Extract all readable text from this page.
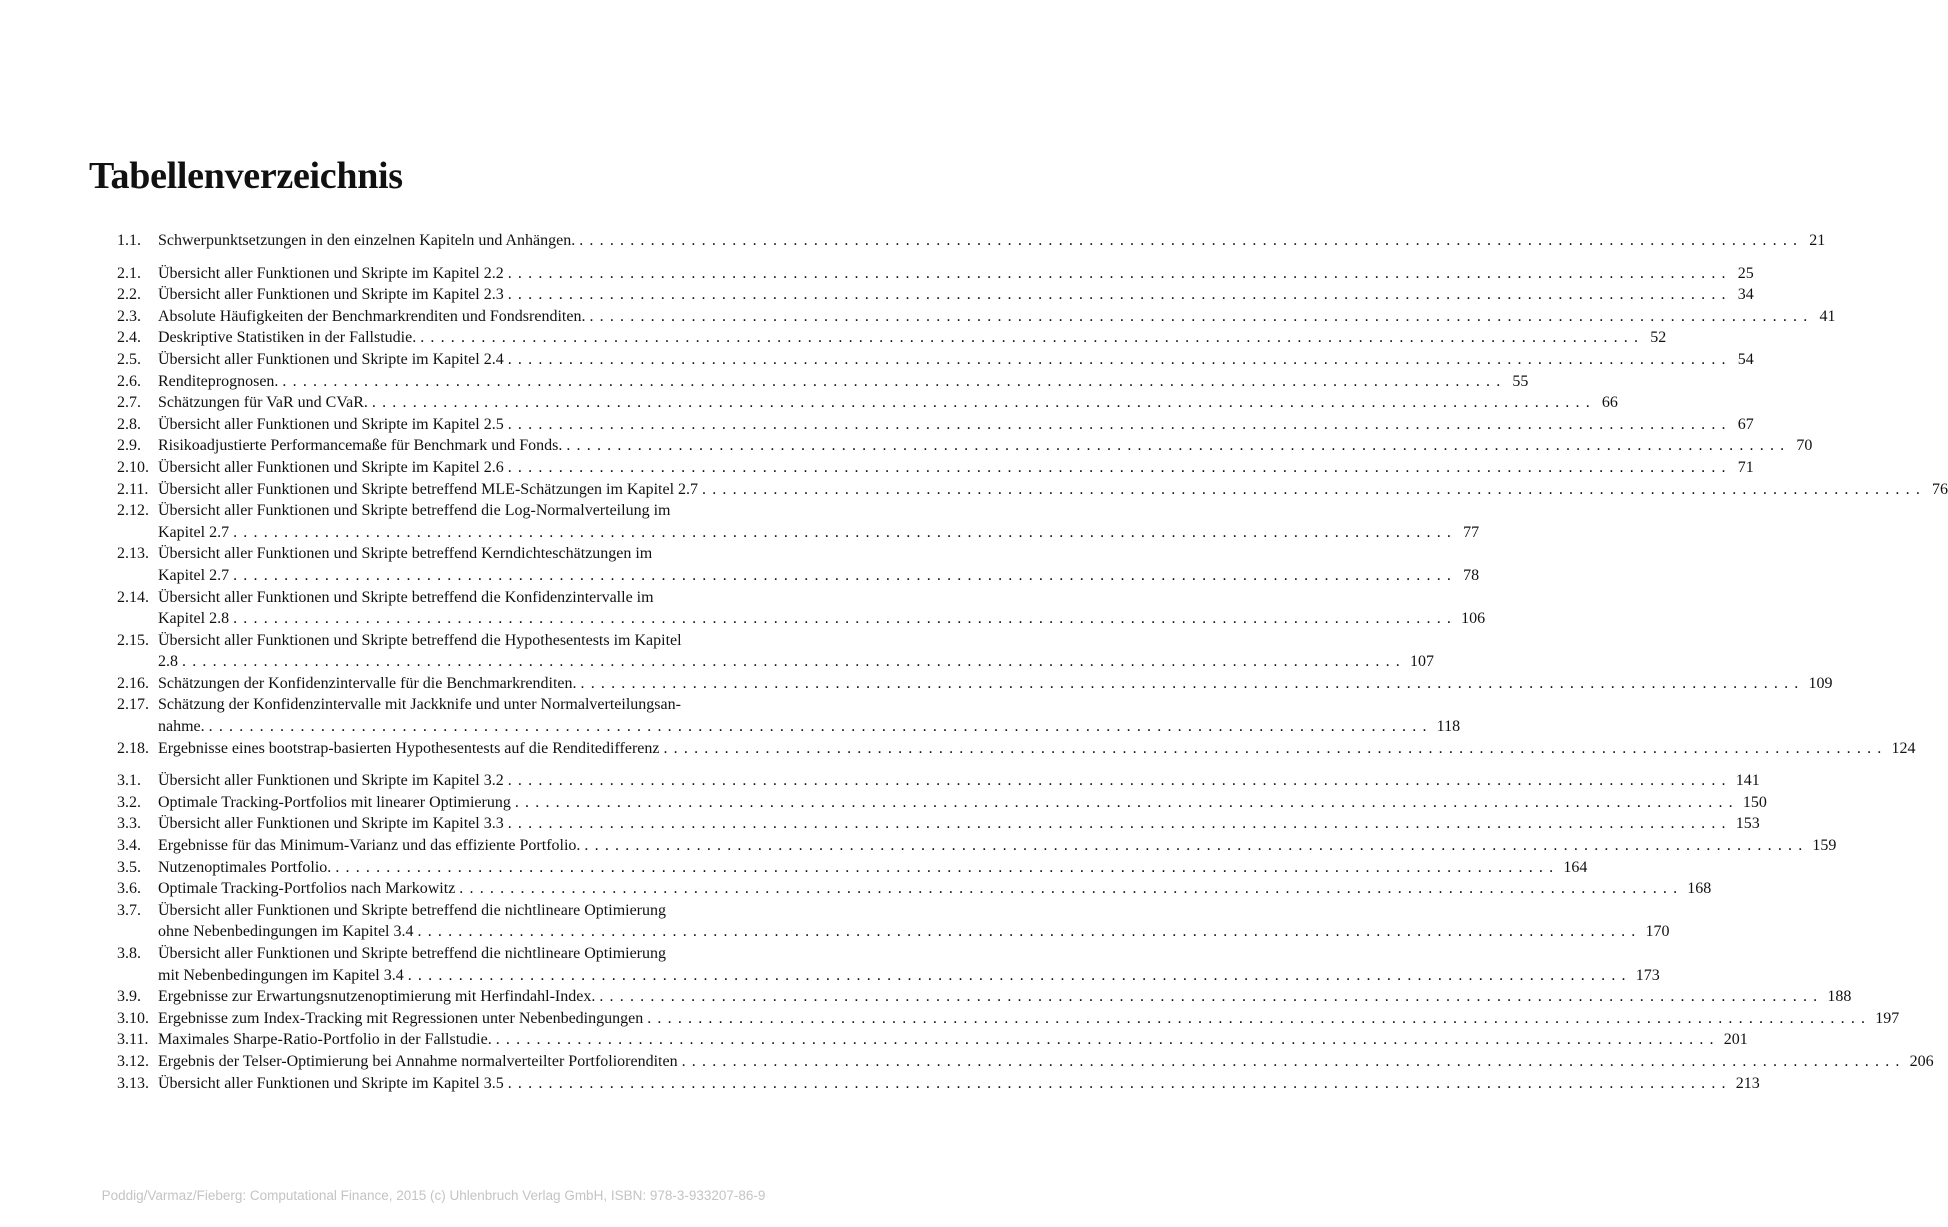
Tabellenverzeichnis
1.1. Schwerpunktsetzungen in den einzelnen Kapiteln und Anhängen. ........................................................................................................................ 21
2.1. Übersicht aller Funktionen und Skripte im Kapitel 2.2 ........................................................................................................................ 25
2.2. Übersicht aller Funktionen und Skripte im Kapitel 2.3 ........................................................................................................................ 34
2.3. Absolute Häufigkeiten der Benchmarkrenditen und Fondsrenditen. ........................................................................................................................ 41
2.4. Deskriptive Statistiken in der Fallstudie. ........................................................................................................................ 52
2.5. Übersicht aller Funktionen und Skripte im Kapitel 2.4 ........................................................................................................................ 54
2.6. Renditeprognosen. ........................................................................................................................ 55
2.7. Schätzungen für VaR und CVaR. ........................................................................................................................ 66
2.8. Übersicht aller Funktionen und Skripte im Kapitel 2.5 ........................................................................................................................ 67
2.9. Risikoadjustierte Performancemaße für Benchmark und Fonds. ........................................................................................................................ 70
2.10. Übersicht aller Funktionen und Skripte im Kapitel 2.6 ........................................................................................................................ 71
2.11. Übersicht aller Funktionen und Skripte betreffend MLE-Schätzungen im Kapitel 2.7 ........................................................................................................................ 76
2.12. Übersicht aller Funktionen und Skripte betreffend die Log-Normalverteilung im
Kapitel 2.7 ........................................................................................................................ 77
2.13. Übersicht aller Funktionen und Skripte betreffend Kerndichteschätzungen im
Kapitel 2.7 ........................................................................................................................ 78
2.14. Übersicht aller Funktionen und Skripte betreffend die Konfidenzintervalle im
Kapitel 2.8 ........................................................................................................................ 106
2.15. Übersicht aller Funktionen und Skripte betreffend die Hypothesentests im Kapitel
2.8 ........................................................................................................................ 107
2.16. Schätzungen der Konfidenzintervalle für die Benchmarkrenditen. ........................................................................................................................ 109
2.17. Schätzung der Konfidenzintervalle mit Jackknife und unter Normalverteilungsan-
nahme. ........................................................................................................................ 118
2.18. Ergebnisse eines bootstrap-basierten Hypothesentests auf die Renditedifferenz ........................................................................................................................ 124
3.1. Übersicht aller Funktionen und Skripte im Kapitel 3.2 ........................................................................................................................ 141
3.2. Optimale Tracking-Portfolios mit linearer Optimierung ........................................................................................................................ 150
3.3. Übersicht aller Funktionen und Skripte im Kapitel 3.3 ........................................................................................................................ 153
3.4. Ergebnisse für das Minimum-Varianz und das effiziente Portfolio. ........................................................................................................................ 159
3.5. Nutzenoptimales Portfolio. ........................................................................................................................ 164
3.6. Optimale Tracking-Portfolios nach Markowitz ........................................................................................................................ 168
3.7. Übersicht aller Funktionen und Skripte betreffend die nichtlineare Optimierung
ohne Nebenbedingungen im Kapitel 3.4 ........................................................................................................................ 170
3.8. Übersicht aller Funktionen und Skripte betreffend die nichtlineare Optimierung
mit Nebenbedingungen im Kapitel 3.4 ........................................................................................................................ 173
3.9. Ergebnisse zur Erwartungsnutzenoptimierung mit Herfindahl-Index. ........................................................................................................................ 188
3.10. Ergebnisse zum Index-Tracking mit Regressionen unter Nebenbedingungen ........................................................................................................................ 197
3.11. Maximales Sharpe-Ratio-Portfolio in der Fallstudie. ........................................................................................................................ 201
3.12. Ergebnis der Telser-Optimierung bei Annahme normalverteilter Portfoliorenditen ........................................................................................................................ 206
3.13. Übersicht aller Funktionen und Skripte im Kapitel 3.5 ........................................................................................................................ 213
Poddig/Varmaz/Fieberg: Computational Finance, 2015 (c) Uhlenbruch Verlag GmbH, ISBN: 978-3-933207-86-9
